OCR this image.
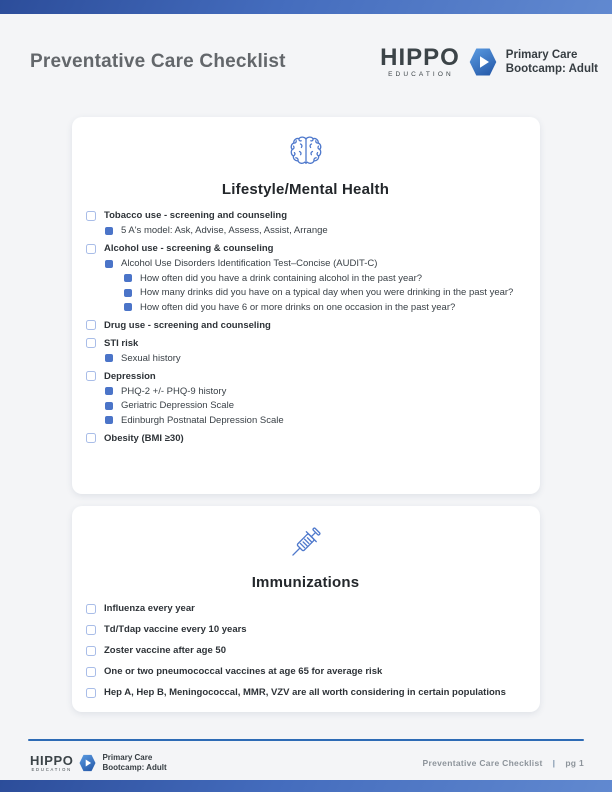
Preventative Care Checklist	HIPPO
EDUCATION
Primary Care
Bootcamp: Adult
Lifestyle/Mental Health
Tobacco use - screening and counseling
5 A's model: Ask, Advise, Assess, Assist, Arrange
Alcohol use - screening & counseling
Alcohol Use Disorders Identification Test–Concise (AUDIT-C)
How often did you have a drink containing alcohol in the past year?
How many drinks did you have on a typical day when you were drinking in the past year?
How often did you have 6 or more drinks on one occasion in the past year?
Drug use - screening and counseling
STI risk
Sexual history
Depression
PHQ-2 +/- PHQ-9 history
Geriatric Depression Scale
Edinburgh Postnatal Depression Scale
Obesity (BMI ≥30)
Immunizations
Influenza every year
Td/Tdap vaccine every 10 years
Zoster vaccine after age 50
One or two pneumococcal vaccines at age 65 for average risk
Hep A, Hep B, Meningococcal, MMR, VZV are all worth considering in certain populations
HIPPO
EDUCATION
Primary Care
Bootcamp: Adult	Preventative Care Checklist | pg 1
